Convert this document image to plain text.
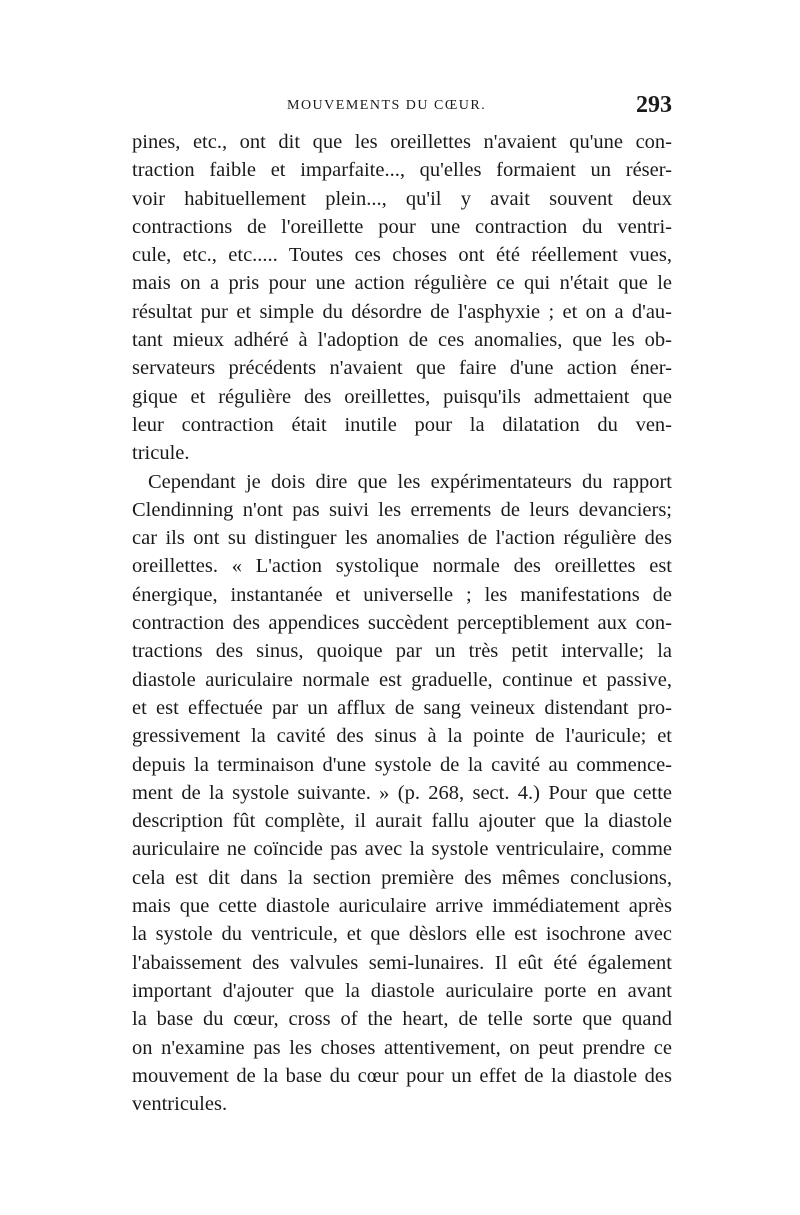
MOUVEMENTS DU CŒUR.	293
pines, etc., ont dit que les oreillettes n'avaient qu'une con-
traction faible et imparfaite..., qu'elles formaient un réser-
voir habituellement plein..., qu'il y avait souvent deux
contractions de l'oreillette pour une contraction du ventri-
cule, etc., etc..... Toutes ces choses ont été réellement vues,
mais on a pris pour une action régulière ce qui n'était que le
résultat pur et simple du désordre de l'asphyxie ; et on a d'au-
tant mieux adhéré à l'adoption de ces anomalies, que les ob-
servateurs précédents n'avaient que faire d'une action éner-
gique et régulière des oreillettes, puisqu'ils admettaient que
leur contraction était inutile pour la dilatation du ven-
tricule.
Cependant je dois dire que les expérimentateurs du rapport
Clendinning n'ont pas suivi les errements de leurs devanciers;
car ils ont su distinguer les anomalies de l'action régulière des
oreillettes. « L'action systolique normale des oreillettes est
énergique, instantanée et universelle ; les manifestations de
contraction des appendices succèdent perceptiblement aux con-
tractions des sinus, quoique par un très petit intervalle; la
diastole auriculaire normale est graduelle, continue et passive,
et est effectuée par un afflux de sang veineux distendant pro-
gressivement la cavité des sinus à la pointe de l'auricule; et
depuis la terminaison d'une systole de la cavité au commence-
ment de la systole suivante. » (p. 268, sect. 4.) Pour que cette
description fût complète, il aurait fallu ajouter que la diastole
auriculaire ne coïncide pas avec la systole ventriculaire, comme
cela est dit dans la section première des mêmes conclusions,
mais que cette diastole auriculaire arrive immédiatement après
la systole du ventricule, et que dèslors elle est isochrone avec
l'abaissement des valvules semi-lunaires. Il eût été également
important d'ajouter que la diastole auriculaire porte en avant
la base du cœur, cross of the heart, de telle sorte que quand
on n'examine pas les choses attentivement, on peut prendre ce
mouvement de la base du cœur pour un effet de la diastole des
ventricules.
